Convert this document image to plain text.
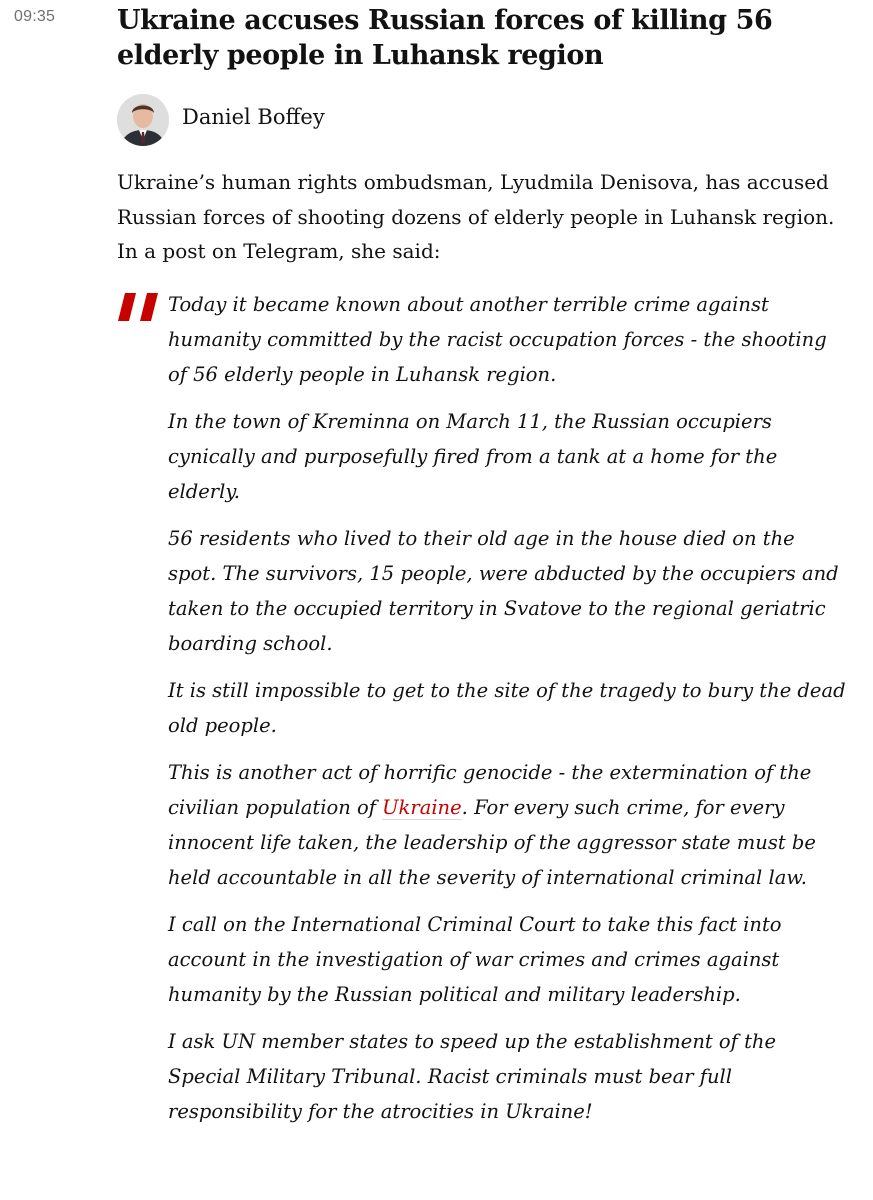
09:35 Ukraine accuses Russian forces of killing 56 elderly people in Luhansk region
Daniel Boffey

Ukraine’s human rights ombudsman, Lyudmila Denisova, has accused Russian forces of shooting dozens of elderly people in Luhansk region. In a post on Telegram, she said:

Today it became known about another terrible crime against humanity committed by the racist occupation forces - the shooting of 56 elderly people in Luhansk region.

In the town of Kreminna on March 11, the Russian occupiers cynically and purposefully fired from a tank at a home for the elderly.

56 residents who lived to their old age in the house died on the spot. The survivors, 15 people, were abducted by the occupiers and taken to the occupied territory in Svatove to the regional geriatric boarding school.

It is still impossible to get to the site of the tragedy to bury the dead old people.

This is another act of horrific genocide - the extermination of the civilian population of Ukraine. For every such crime, for every innocent life taken, the leadership of the aggressor state must be held accountable in all the severity of international criminal law.

I call on the International Criminal Court to take this fact into account in the investigation of war crimes and crimes against humanity by the Russian political and military leadership.

I ask UN member states to speed up the establishment of the Special Military Tribunal. Racist criminals must bear full responsibility for the atrocities in Ukraine!
